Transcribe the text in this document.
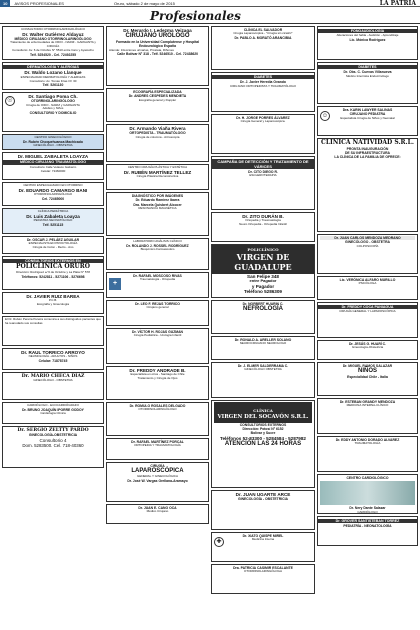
10	AVISOS PROFESIONALES	Oruro, sábado 2 de mayo de 2015	LA PATRIA
Profesionales
CONSULTORIO OTORRINOLARINGOLÓGICO
Dr. Walter Gutiérrez Aldayuz
MÉDICO CIRUJANO OTORRINOLARINGÓLOGO
Tratamiento de enfermedades de OIDO - NARIZ - GARGANTA y CIRUGÍA
Consultorio: Av. 6 de Octubre N° 5510 entre Caro y Ayacucho
Telf. 5254520 - Cel. 72492255
DERMATOLOGÍA Y ALERGIAS
Dr. Waldo Lozano Llanque
ESPECIALIDAD DERMATOLOGÍA Y ALERGIAS
Consultorio: Av. Tomas Frias Of. 30
Telf. 5261130
☉
Dr. Santiago Poma Ch.
OTORRINOLARINGÓLOGO
Cirugía de OIDO - NARIZ y GARGANTA
Adultos y Niños
CONSULTORIO Y DOMICILIO
CENTRO GINECOLÓGICO
Dr. Rubén Choquehuanca Machicado
GINECÓLOGO - OBSTETRA
Dr. MIGUEL ZABALETA LOAYZA
MÉDICO CIRUJANO TRAUMATÓLOGO
Consultorio Calle Velasco Galvarro
Celular: 72460000
CENTRO ESPECIALIZADO EN OTORRINO
Dr. EDUARDO CAMARGO BANI
OTORRINOLARINGÓLOGO
Cel. 72465000
CLÍNICA PEDIÁTRICA
Dr. Luis Zabaleta Loayza
PEDIATRA NEONATÓLOGO
Telf. 5251115
Dr. OSCAR J. PELÁEZ AGUILAR
ESPECIALISTA EN PROCTOLOGÍA
Cirugía de Colon - Recto - Ano
CONSULTORIOS EXTERNOS EN
POLICLÍNICA ORURO
Dirección: Rodríguez e/ 6 de Octubre y La Plata N° 578
Teléfonos: 5242811 - 5271106 - 5276698
Dr. JAVIER RUIZ BAREA
P.C.B.
Ecografía y Ginecología
El Dr. Rubén Pereira Pereira comunica a sus distinguidos pacientes que ha reanudado sus consultas
Dr. RAUL TORRICO ARROYO
NEUMOLOGÍA - ADULTOS - NIÑOS
Celular: 71878745
Dr. MARIO CHECA DIAZ
GINECÓLOGO - OBSTETRA
CARDIÓLOGO - ECOCARDIÓGRAFO
Dr. BRUNO JOAQUÍN IPORRE GODOY
Cardiología Clínica
Dr. SERGIO ZELTTY PARDO
GINECOLOGÍA-OBSTETRICIA
Consultorio 4
Dom. 5283500. Cel. 718-40360
Dr. Merardo I. Ledezma Veizaga
CIRUJANO UROLOGO
Formado en la Universidad Complutense y Hospital Endourológico España
Atiende: Infecciones urinarias, Próstata, Riñones
Calle Bolívar N° 318 - Telf. 5246510 - Cel. 72438620
ECOGRAFÍA ESPECIALIZADA
Dr. ANDRES CESPEDES MENDIETA
Ecografía general y Doppler
Dr. Armando Viaña Rivera
ORTOPEDISTA - TRAUMATÓLOGO
Cirugía de columna - Artroscopía
CENTRO CIRUGÍA PLÁSTICA Y ESTÉTICA
Dr. RUBÉN MARTÍNEZ TELLEZ
Cirugía Plástica Reconstructiva
DIAGNÓSTICO POR IMÁGENES
Dr. Eduardo Ramírez Ibarra
Dra. Marcela Quisbert Alcocer
RESONANCIA MAGNÉTICA
LABORATORIO ANÁLISIS CLÍNICO
Dr. ROLANDO J. ROSSEL RODRÍGUEZ
Bioquímico Farmacéutico
+
Dr. RAFAEL MOSCOSO RIVAS
Traumatología - Ortopedia
Dr. LEO F. REJAS TORRICO
Cirujano general
Dr. VÍCTOR H. ROJAS GUZMAN
Cirugía Pediátrica - Urología Infantil
Dr. FREDDY ANDRADE B.
Especialista en otros - Santiago de Chile
Tratamiento y Cirugía de Ojos
Dr. ROMULO ROSALES DELGADO
OTORRINOLARINGÓLOGO
Dr. RAFAEL MARTÍNEZ PORCAL
ORTOPEDIA Y TRAUMATOLOGÍA
CIRUGÍA
LAPAROSCÓPICA
GENERAL Y GINECOLÓGICA
Dr. José W. Vargas Orellana-Aramayo
Dr. JUAN E. CANO OCA
Médico Cirujano
CLÍNICA EL SALVADOR
Cirugía Laparoscópica - "Cirugía sin cicatriz"
Dr. PABLO A. MORATÓ ARANCIBIA
DIABETES
Dr. J. Javier Heredia Ovando
CIRUJANO ORTOPEDISTA Y TRAUMATÓLOGO
Dr. H. JORGE PORRES ÁLVAREZ
Cirugía General y Laparoscópica.
CAMPAÑA DE DETECCIÓN Y TRATAMIENTO DE VÁRICES
Dr. CITO DIEGO R.
ESCLEROTERAPIA
Dr. ZITO DURÁN B.
Ortopedia y Traumatología
Neuro Ortopedia - Ortopedia Infantil
POLICLÍNICO
VIRGEN DE GUADALUPE
San Felipe 348
entre Pagador
y Pagador
Teléfono 5286309
Dr. NORBERT HUARIN C.
NEFROLOGÍA
Dr. RONALD A. ARELLER SOLANO
NEUROCIRUJANO NEUROLOGO
Dr. J. ELMER SALDERRAMA C.
GINECÓLOGO OBSTETRA
CLÍNICA
VIRGEN DEL SOCAVÓN S.R.L.
CONSULTORIOS EXTERNOS
Dirección: Potosí N° 6152
Bolívar y Sucre
Teléfonos 52-83300 - 5284584 - 5287982
ATENCIÓN LAS 24 HORAS
Dr. JUAN UGARTE ARCE
GINECOLOGÍA - OBSTETRICIA
✚
Dr. XIATO QUISPE MIREL
Medicina Interna
Dra. PATRICIA CASIMIR ESCALANTE
OTORRINOLARINGÓLOGA
FONOAUDIOLOGÍA
Alteraciones del habla - Audición - Aprendizaje
Lic. Mónica Rodríguez
DIABETES
Dr. Obs. C. Cuevas Villanueva
Médico Internista Endocrinólogo
☺
Dra. KARIN LAWYER SALINAS
CIRUJANO PEDIATRA
Especialista Cirugía de Niños y Neonatal
CLÍNICA NATIVIDAD S.R.L.
PRONTA INAUGURACIÓN
DE SU INFRAESTRUCTURA
LA CLÍNICA DE LA FAMILIA DE OFRECE:
Dr. JUAN CARLOS MENDOZA MEDRANO
GINECÓLOGO - OBSTETRA
COLPOSCOPÍA
Lic. VERÓNICA ALFARO MURILLO
PSICÓLOGA
Dr. FREDDY COCA PANIAGUA
CIRUGÍA GENERAL Y LAPAROSCÓPICA
Dr. JESÚS G. HUARÍ C.
Ginecología-Obstetricia
Dr. MIGUEL RAMOS SALAZAR
NIÑOS
Especialidad Chile - Italia
Dr. ESTEBAN GRANDY MENDOZA
MEDICINA INTERNA-CLÍNICO
Dr. EDDY ANTONIO DORADO ALVAREZ
TRAUMATOLOGÍA
CENTRO CARDIOLÓGICO
Dr. Nery Dante Salazar
CARDIÓLOGO
Dr. GROVER SANTISTEBAN TORREZ
PEDIATRÍA - NEONATOLOGÍA
